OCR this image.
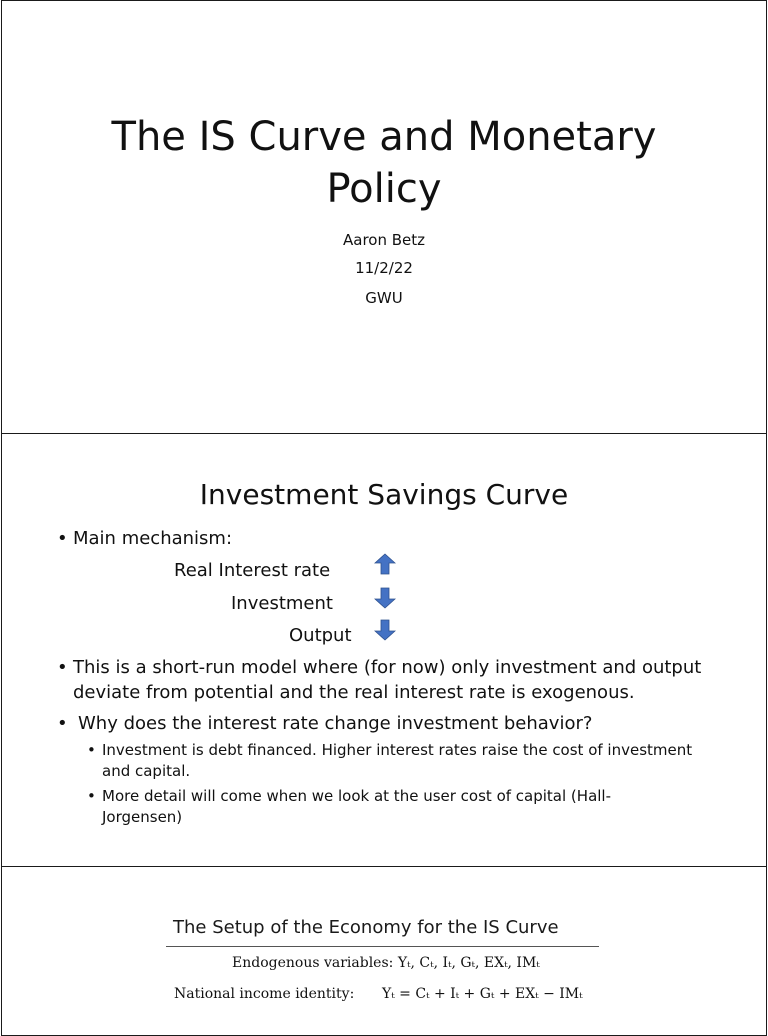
The IS Curve and Monetary
Policy
Aaron Betz
11/2/22
GWU
Investment Savings Curve
• Main mechanism:
Real Interest rate
Investment
Output
• This is a short-run model where (for now) only investment and output
deviate from potential and the real interest rate is exogenous.
• Why does the interest rate change investment behavior?
• Investment is debt financed. Higher interest rates raise the cost of investment
and capital.
• More detail will come when we look at the user cost of capital (Hall-
Jorgensen)
The Setup of the Economy for the IS Curve
Endogenous variables: Yₜ, Cₜ, Iₜ, Gₜ, EXₜ, IMₜ
National income identity: Yₜ = Cₜ + Iₜ + Gₜ + EXₜ − IMₜ
